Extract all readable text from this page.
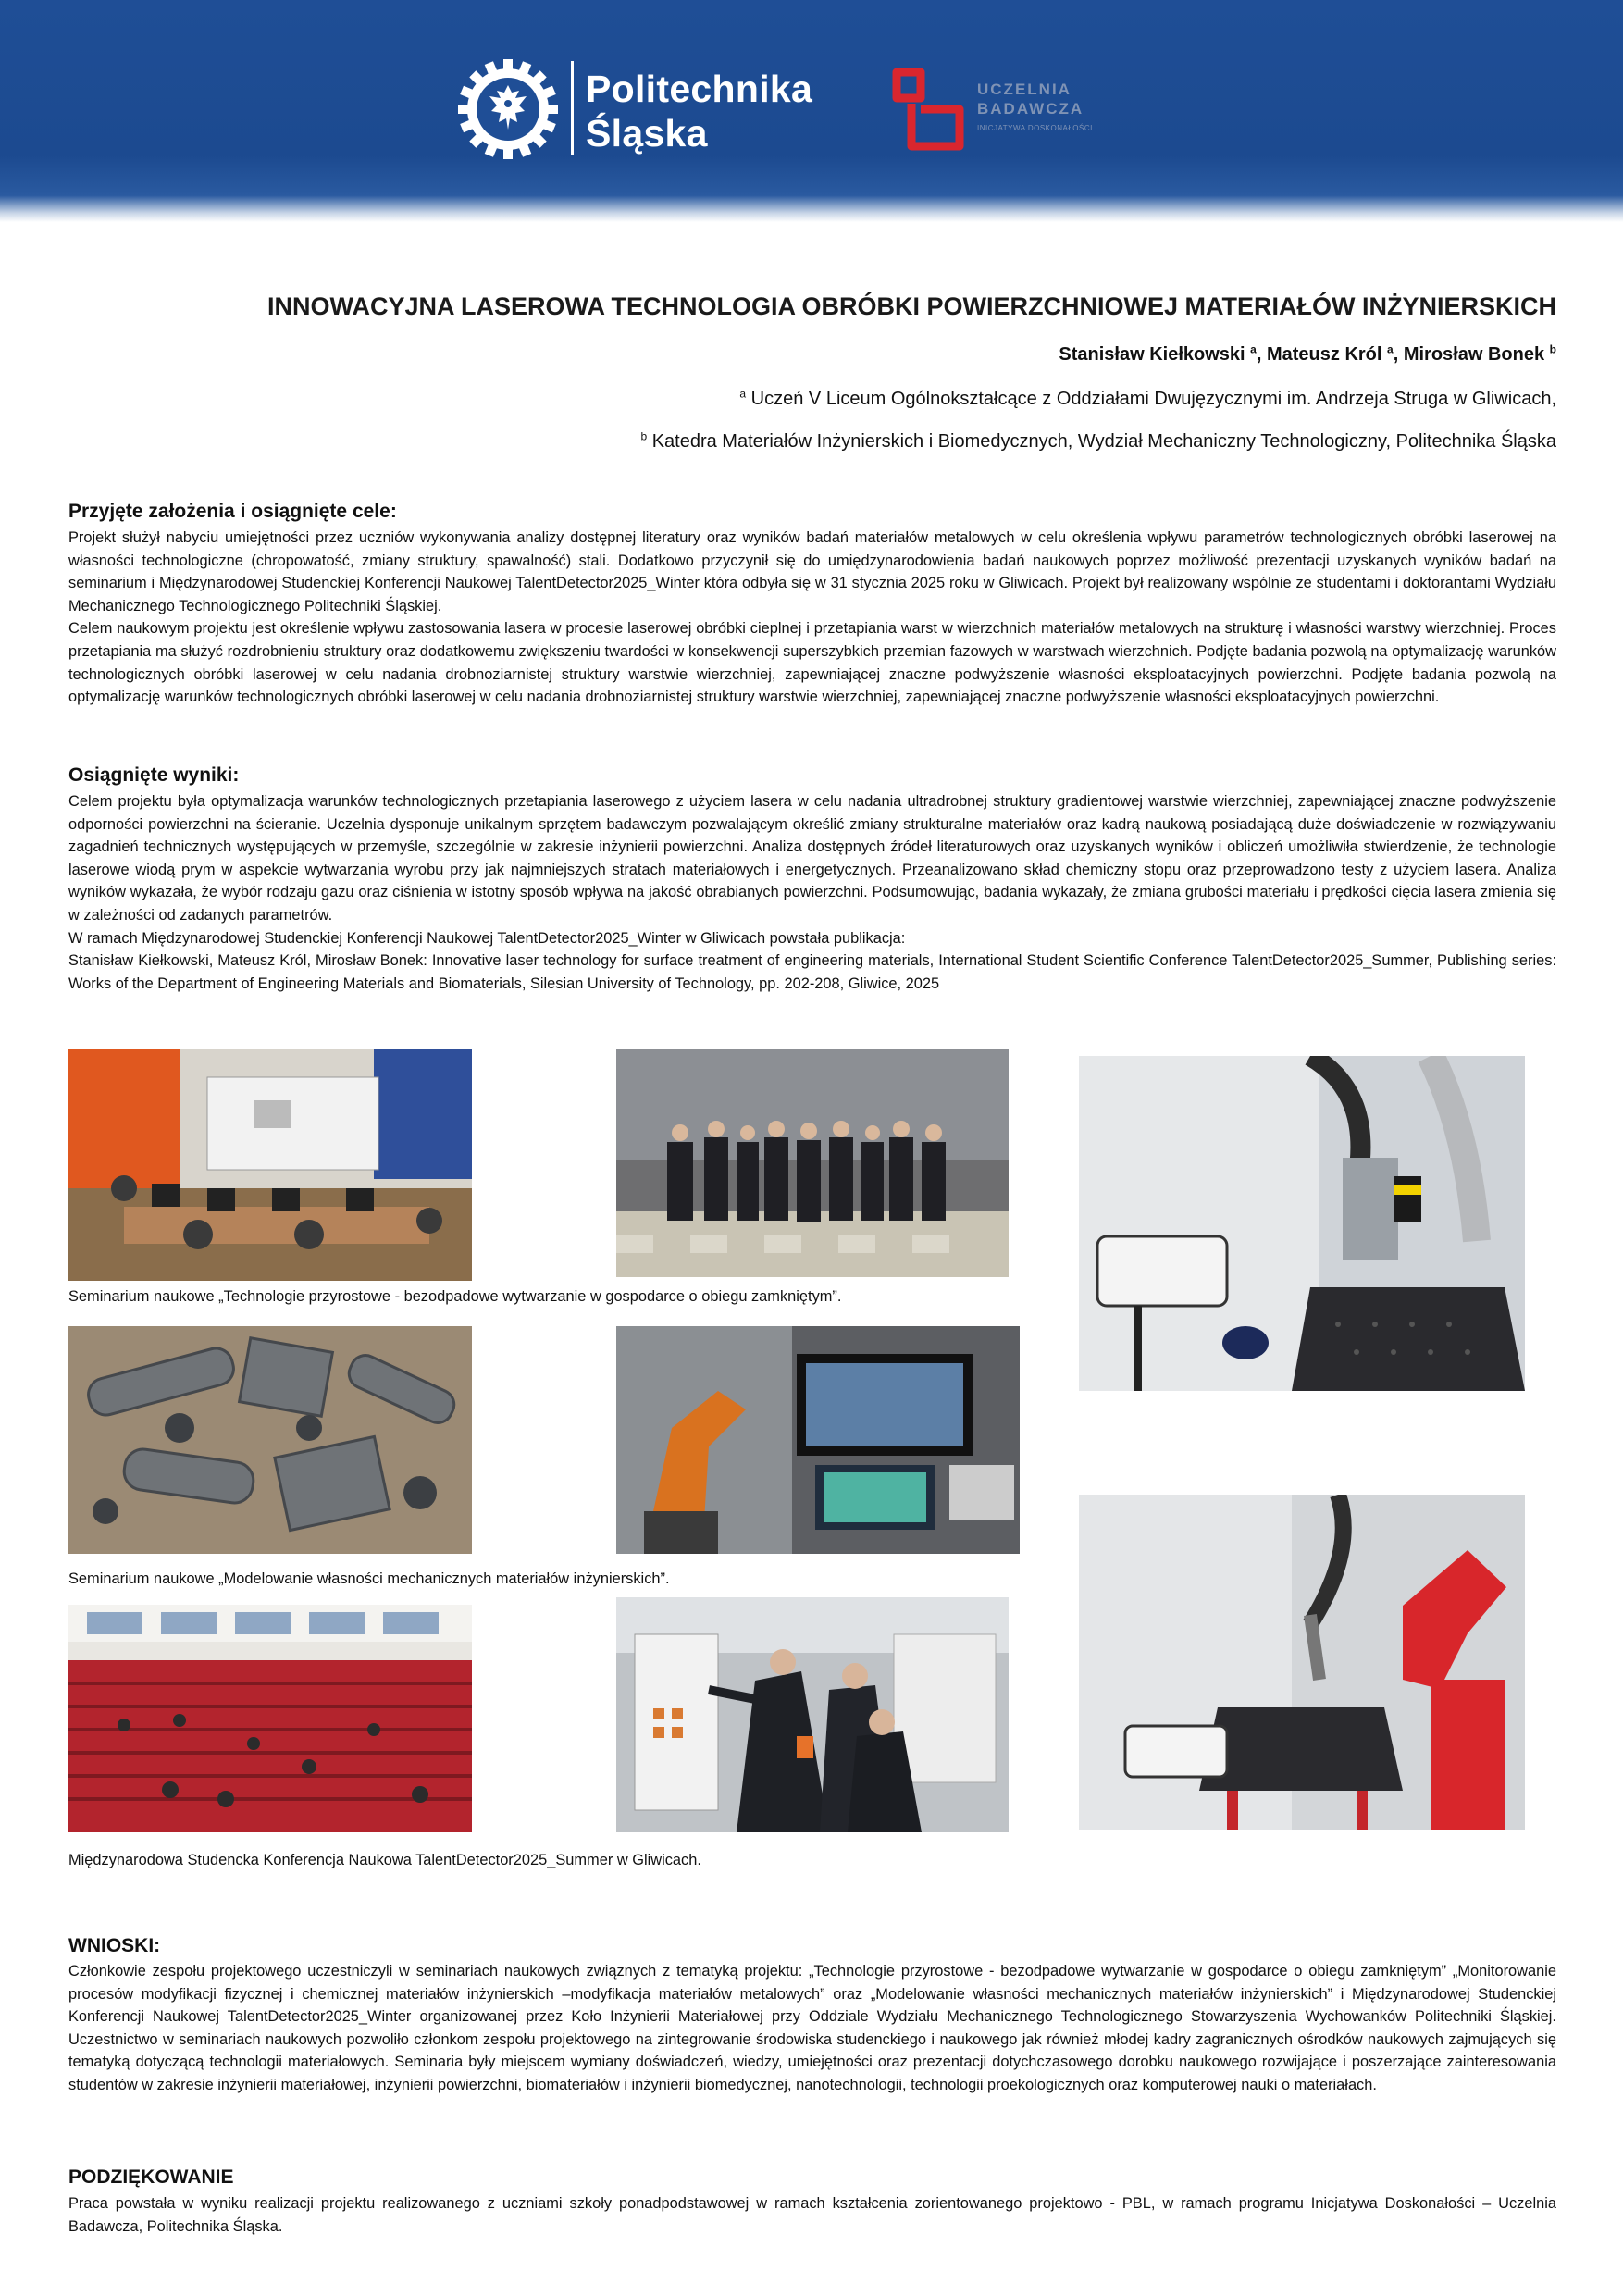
Politechnika
Śląska
UCZELNIA
BADAWCZA
INICJATYWA DOSKONAŁOŚCI
INNOWACYJNA LASEROWA TECHNOLOGIA OBRÓBKI POWIERZCHNIOWEJ MATERIAŁÓW INŻYNIERSKICH
Stanisław Kiełkowski $^a$, Mateusz Król $^a$, Mirosław Bonek $^b$
$^a$ Uczeń V Liceum Ogólnokształcące z Oddziałami Dwujęzycznymi im. Andrzeja Struga w Gliwicach,
$^b$ Katedra Materiałów Inżynierskich i Biomedycznych, Wydział Mechaniczny Technologiczny, Politechnika Śląska
Przyjęte założenia i osiągnięte cele:

Projekt służył nabyciu umiejętności przez uczniów wykonywania analizy dostępnej literatury oraz wyników badań materiałów metalowych w celu określenia wpływu parametrów technologicznych obróbki laserowej na własności technologiczne (chropowatość, zmiany struktury, spawalność) stali. Dodatkowo przyczynił się do umiędzynarodowienia badań naukowych poprzez możliwość prezentacji uzyskanych wyników badań na seminarium i Międzynarodowej Studenckiej Konferencji Naukowej TalentDetector2025_Winter która odbyła się w 31 stycznia 2025 roku w Gliwicach. Projekt był realizowany wspólnie ze studentami i doktorantami Wydziału Mechanicznego Technologicznego Politechniki Śląskiej.

Celem naukowym projektu jest określenie wpływu zastosowania lasera w procesie laserowej obróbki cieplnej i przetapiania warst w wierzchnich materiałów metalowych na strukturę i własności warstwy wierzchniej. Proces przetapiania ma służyć rozdrobnieniu struktury oraz dodatkowemu zwiększeniu twardości w konsekwencji superszybkich przemian fazowych w warstwach wierzchnich. Podjęte badania pozwolą na optymalizację warunków technologicznych obróbki laserowej w celu nadania drobnoziarnistej struktury warstwie wierzchniej, zapewniającej znaczne podwyższenie własności eksploatacyjnych powierzchni. Podjęte badania pozwolą na optymalizację warunków technologicznych obróbki laserowej w celu nadania drobnoziarnistej struktury warstwie wierzchniej, zapewniającej znaczne podwyższenie własności eksploatacyjnych powierzchni.

Osiągnięte wyniki:

Celem projektu była optymalizacja warunków technologicznych przetapiania laserowego z użyciem lasera w celu nadania ultradrobnej struktury gradientowej warstwie wierzchniej, zapewniającej znaczne podwyższenie odporności powierzchni na ścieranie. Uczelnia dysponuje unikalnym sprzętem badawczym pozwalającym określić zmiany strukturalne materiałów oraz kadrą naukową posiadającą duże doświadczenie w rozwiązywaniu zagadnień technicznych występujących w przemyśle, szczególnie w zakresie inżynierii powierzchni. Analiza dostępnych źródeł literaturowych oraz uzyskanych wyników i obliczeń umożliwiła stwierdzenie, że technologie laserowe wiodą prym w aspekcie wytwarzania wyrobu przy jak najmniejszych stratach materiałowych i energetycznych. Przeanalizowano skład chemiczny stopu oraz przeprowadzono testy z użyciem lasera. Analiza wyników wykazała, że wybór rodzaju gazu oraz ciśnienia w istotny sposób wpływa na jakość obrabianych powierzchni. Podsumowując, badania wykazały, że zmiana grubości materiału i prędkości cięcia lasera zmienia się w zależności od zadanych parametrów.

W ramach Międzynarodowej Studenckiej Konferencji Naukowej TalentDetector2025_Winter w Gliwicach powstała publikacja:

Stanisław Kiełkowski, Mateusz Król, Mirosław Bonek: Innovative laser technology for surface treatment of engineering materials, International Student Scientific Conference TalentDetector2025_Summer, Publishing series: Works of the Department of Engineering Materials and Biomaterials, Silesian University of Technology, pp. 202-208, Gliwice, 2025

Seminarium naukowe „Technologie przyrostowe - bezodpadowe wytwarzanie w gospodarce o obiegu zamkniętym”.
Seminarium naukowe „Modelowanie własności mechanicznych materiałów inżynierskich”.
Międzynarodowa Studencka Konferencja Naukowa TalentDetector2025_Summer w Gliwicach.
WNIOSKI:

Członkowie zespołu projektowego uczestniczyli w seminariach naukowych związnych z tematyką projektu: „Technologie przyrostowe - bezodpadowe wytwarzanie w gospodarce o obiegu zamkniętym” „Monitorowanie procesów modyfikacji fizycznej i chemicznej materiałów inżynierskich –modyfikacja materiałów metalowych” oraz „Modelowanie własności mechanicznych materiałów inżynierskich” i Międzynarodowej Studenckiej Konferencji Naukowej TalentDetector2025_Winter organizowanej przez Koło Inżynierii Materiałowej przy Oddziale Wydziału Mechanicznego Technologicznego Stowarzyszenia Wychowanków Politechniki Śląskiej. Uczestnictwo w seminariach naukowych pozwoliło członkom zespołu projektowego na zintegrowanie środowiska studenckiego i naukowego jak również młodej kadry zagranicznych ośrodków naukowych zajmujących się tematyką dotyczącą technologii materiałowych. Seminaria były miejscem wymiany doświadczeń, wiedzy, umiejętności oraz prezentacji dotychczasowego dorobku naukowego rozwijające i poszerzające zainteresowania studentów w zakresie inżynierii materiałowej, inżynierii powierzchni, biomateriałów i inżynierii biomedycznej, nanotechnologii, technologii proekologicznych oraz komputerowej nauki o materiałach.

PODZIĘKOWANIE

Praca powstała w wyniku realizacji projektu realizowanego z uczniami szkoły ponadpodstawowej w ramach kształcenia zorientowanego projektowo - PBL, w ramach programu Inicjatywa Doskonałości – Uczelnia Badawcza, Politechnika Śląska.
